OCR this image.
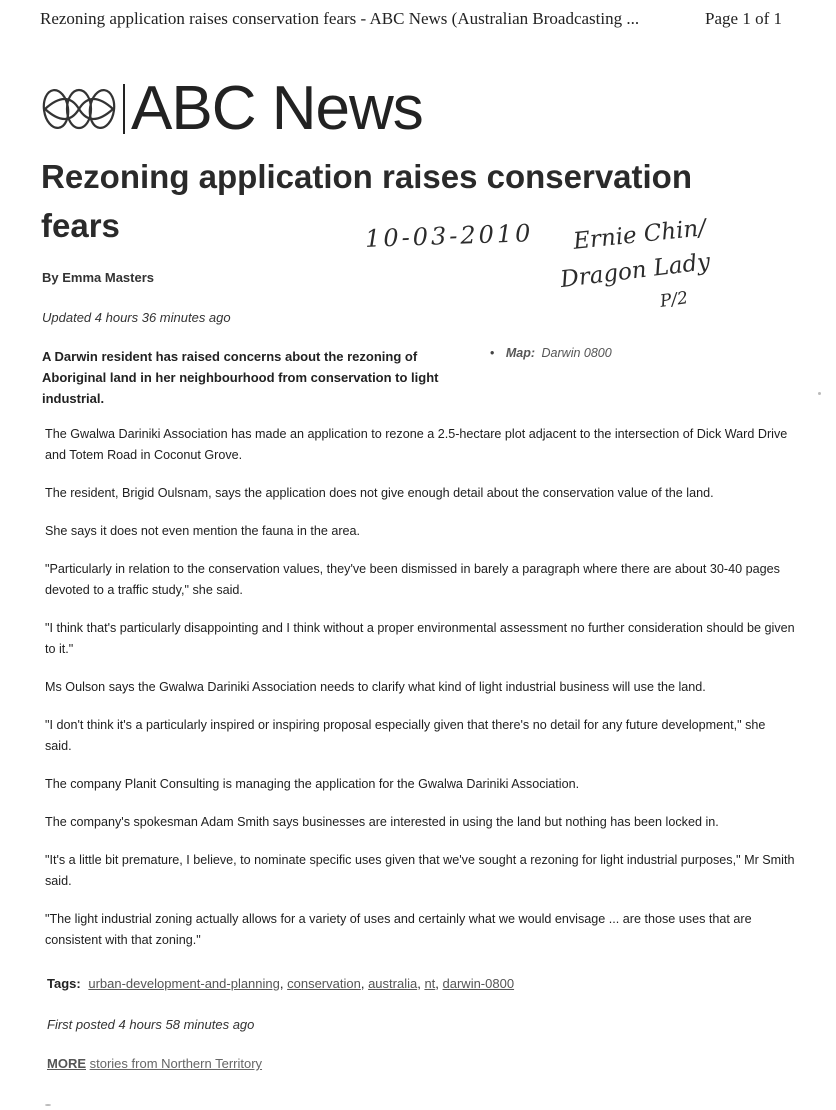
Rezoning application raises conservation fears - ABC News (Australian Broadcasting ...	Page 1 of 1
ABC News
Rezoning application raises conservation fears
By Emma Masters
Updated 4 hours 36 minutes ago

A Darwin resident has raised concerns about the rezoning of Aboriginal land in her neighbourhood from conservation to light industrial.

• Map: Darwin 0800

The Gwalwa Dariniki Association has made an application to rezone a 2.5-hectare plot adjacent to the intersection of Dick Ward Drive and Totem Road in Coconut Grove.

The resident, Brigid Oulsnam, says the application does not give enough detail about the conservation value of the land.

She says it does not even mention the fauna in the area.

"Particularly in relation to the conservation values, they've been dismissed in barely a paragraph where there are about 30-40 pages devoted to a traffic study," she said.

"I think that's particularly disappointing and I think without a proper environmental assessment no further consideration should be given to it."

Ms Oulson says the Gwalwa Dariniki Association needs to clarify what kind of light industrial business will use the land.

"I don't think it's a particularly inspired or inspiring proposal especially given that there's no detail for any future development," she said.

The company Planit Consulting is managing the application for the Gwalwa Dariniki Association.

The company's spokesman Adam Smith says businesses are interested in using the land but nothing has been locked in.

"It's a little bit premature, I believe, to nominate specific uses given that we've sought a rezoning for light industrial purposes," Mr Smith said.

"The light industrial zoning actually allows for a variety of uses and certainly what we would envisage ... are those uses that are consistent with that zoning."

Tags: urban-development-and-planning, conservation, australia, nt, darwin-0800
First posted 4 hours 58 minutes ago
MORE stories from Northern Territory
10-03-2010 Ernie Chin/
Dragon Lady
P/2
